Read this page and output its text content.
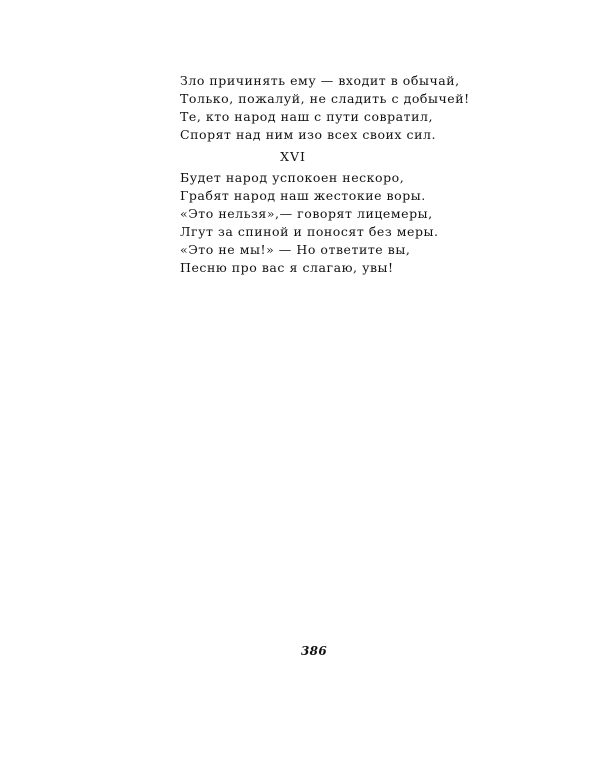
Зло причинять ему — входит в обычай,
Только, пожалуй, не сладить с добычей!
Те, кто народ наш с пути совратил,
Спорят над ним изо всех своих сил.
XVI
Будет народ успокоен нескоро,
Грабят народ наш жестокие воры.
«Это нельзя»,— говорят лицемеры,
Лгут за спиной и поносят без меры.
«Это не мы!» — Но ответите вы,
Песню про вас я слагаю, увы!
386
